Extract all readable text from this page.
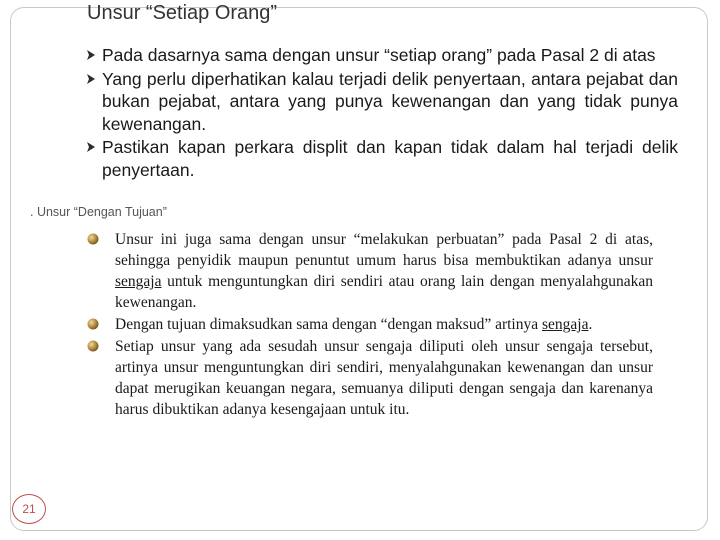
Unsur “Setiap Orang”
Pada dasarnya sama dengan unsur “setiap orang” pada Pasal 2 di atas
Yang perlu diperhatikan kalau terjadi delik penyertaan, antara pejabat dan bukan pejabat, antara yang punya kewenangan dan yang tidak punya kewenangan.
Pastikan kapan perkara displit dan kapan tidak dalam hal terjadi delik penyertaan.
. Unsur “Dengan Tujuan”
Unsur ini juga sama dengan unsur “melakukan perbuatan” pada Pasal 2 di atas, sehingga penyidik maupun penuntut umum harus bisa membuktikan adanya unsur sengaja untuk menguntungkan diri sendiri atau orang lain dengan menyalahgunakan kewenangan.
Dengan tujuan dimaksudkan sama dengan “dengan maksud” artinya sengaja.
Setiap unsur yang ada sesudah unsur sengaja diliputi oleh unsur sengaja tersebut, artinya unsur menguntungkan diri sendiri, menyalahgunakan kewenangan dan unsur dapat merugikan keuangan negara, semuanya diliputi dengan sengaja dan karenanya harus dibuktikan adanya kesengajaan untuk itu.
21
